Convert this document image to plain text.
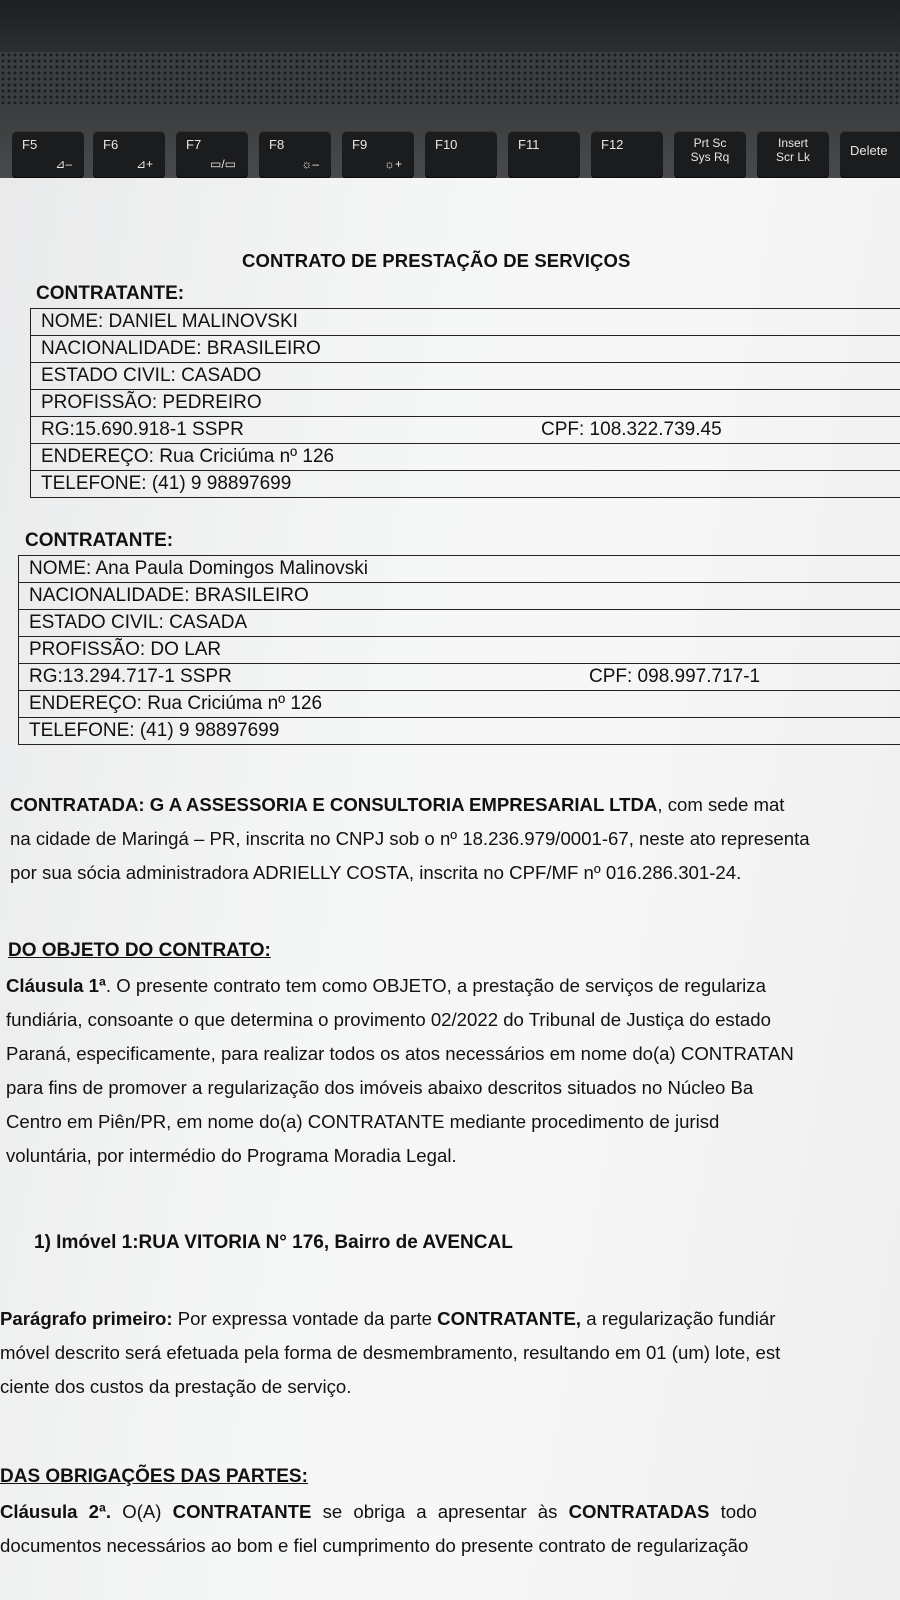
F5
⊿–
F6
⊿+
F7
▭/▭
F8
☼–
F9
☼+
F10	F11	F12	Prt Sc
Sys Rq
Insert
Scr Lk	Delete
CONTRATO DE PRESTAÇÃO DE SERVIÇOS
CONTRATANTE:
NOME: DANIEL MALINOVSKI
NACIONALIDADE: BRASILEIRO
ESTADO CIVIL: CASADO
PROFISSÃO: PEDREIRO
RG:15.690.918-1 SSPR	CPF: 108.322.739.45

ENDEREÇO: Rua Criciúma nº 126
TELEFONE: (41) 9 98897699
CONTRATANTE:
NOME: Ana Paula Domingos Malinovski
NACIONALIDADE: BRASILEIRO
ESTADO CIVIL: CASADA
PROFISSÃO: DO LAR
RG:13.294.717-1 SSPR	CPF: 098.997.717-1

ENDEREÇO: Rua Criciúma nº 126
TELEFONE: (41) 9 98897699
CONTRATADA: G A ASSESSORIA E CONSULTORIA EMPRESARIAL LTDA, com sede mat
na cidade de Maringá – PR, inscrita no CNPJ sob o nº 18.236.979/0001-67, neste ato representa
por sua sócia administradora ADRIELLY COSTA, inscrita no CPF/MF nº 016.286.301-24.
DO OBJETO DO CONTRATO:
Cláusula 1ª. O presente contrato tem como OBJETO, a prestação de serviços de regulariza
fundiária, consoante o que determina o provimento 02/2022 do Tribunal de Justiça do estado
Paraná, especificamente, para realizar todos os atos necessários em nome do(a) CONTRATAN
para fins de promover a regularização dos imóveis abaixo descritos situados no Núcleo Ba
Centro em Piên/PR, em nome do(a) CONTRATANTE mediante procedimento de jurisd
voluntária, por intermédio do Programa Moradia Legal.
1) Imóvel 1:RUA VITORIA N° 176, Bairro de AVENCAL
Parágrafo primeiro: Por expressa vontade da parte CONTRATANTE, a regularização fundiár
móvel descrito será efetuada pela forma de desmembramento, resultando em 01 (um) lote, est
ciente dos custos da prestação de serviço.
DAS OBRIGAÇÕES DAS PARTES:
Cláusula 2ª. O(A) CONTRATANTE se obriga a apresentar às CONTRATADAS todo
documentos necessários ao bom e fiel cumprimento do presente contrato de regularização
